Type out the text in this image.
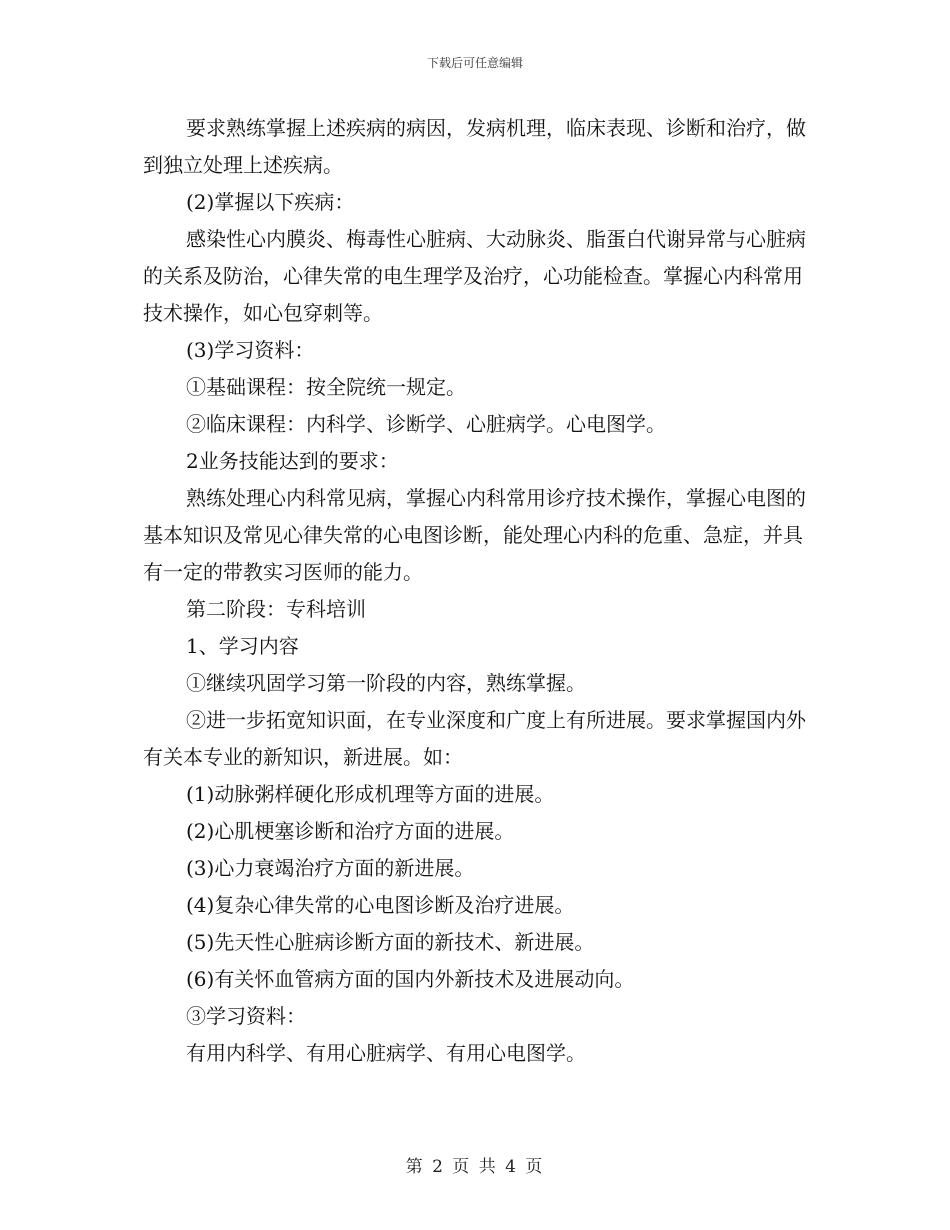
下载后可任意编辑

要求熟练掌握上述疾病的病因，发病机理，临床表现、诊断和治疗，做到独立处理上述疾病。

(2)掌握以下疾病：

感染性心内膜炎、梅毒性心脏病、大动脉炎、脂蛋白代谢异常与心脏病的关系及防治，心律失常的电生理学及治疗，心功能检查。掌握心内科常用技术操作，如心包穿刺等。

(3)学习资料：

①基础课程：按全院统一规定。

②临床课程：内科学、诊断学、心脏病学。心电图学。

2业务技能达到的要求：

熟练处理心内科常见病，掌握心内科常用诊疗技术操作，掌握心电图的基本知识及常见心律失常的心电图诊断，能处理心内科的危重、急症，并具有一定的带教实习医师的能力。

第二阶段：专科培训

1、学习内容

①继续巩固学习第一阶段的内容，熟练掌握。

②进一步拓宽知识面，在专业深度和广度上有所进展。要求掌握国内外有关本专业的新知识，新进展。如：

(1)动脉粥样硬化形成机理等方面的进展。

(2)心肌梗塞诊断和治疗方面的进展。

(3)心力衰竭治疗方面的新进展。

(4)复杂心律失常的心电图诊断及治疗进展。

(5)先天性心脏病诊断方面的新技术、新进展。

(6)有关怀血管病方面的国内外新技术及进展动向。

③学习资料：

有用内科学、有用心脏病学、有用心电图学。

第 2 页 共 4 页
